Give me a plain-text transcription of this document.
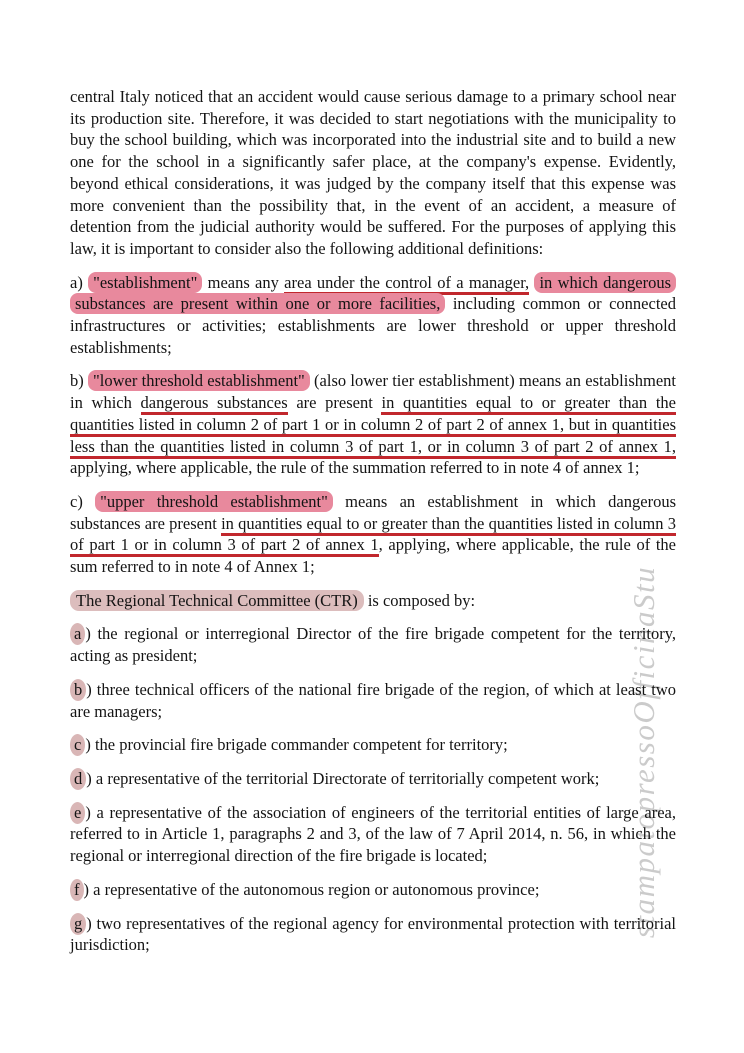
stampatopressoOfficinaStu

central Italy noticed that an accident would cause serious damage to a primary school near its production site. Therefore, it was decided to start negotiations with the municipality to buy the school building, which was incorporated into the industrial site and to build a new one for the school in a significantly safer place, at the company's expense. Evidently, beyond ethical considerations, it was judged by the company itself that this expense was more convenient than the possibility that, in the event of an accident, a measure of detention from the judicial authority would be suffered. For the purposes of applying this law, it is important to consider also the following additional definitions:

a) "establishment" means any area under the control of a manager, in which dangerous substances are present within one or more facilities, including common or connected infrastructures or activities; establishments are lower threshold or upper threshold establishments;

b) "lower threshold establishment" (also lower tier establishment) means an establishment in which dangerous substances are present in quantities equal to or greater than the quantities listed in column 2 of part 1 or in column 2 of part 2 of annex 1, but in quantities less than the quantities listed in column 3 of part 1, or in column 3 of part 2 of annex 1, applying, where applicable, the rule of the summation referred to in note 4 of annex 1;

c) "upper threshold establishment" means an establishment in which dangerous substances are present in quantities equal to or greater than the quantities listed in column 3 of part 1 or in column 3 of part 2 of annex 1, applying, where applicable, the rule of the sum referred to in note 4 of Annex 1;

The Regional Technical Committee (CTR) is composed by:

a ) the regional or interregional Director of the fire brigade competent for the territory, acting as president;

b ) three technical officers of the national fire brigade of the region, of which at least two are managers;

c ) the provincial fire brigade commander competent for territory;

d ) a representative of the territorial Directorate of territorially competent work;

e ) a representative of the association of engineers of the territorial entities of large area, referred to in Article 1, paragraphs 2 and 3, of the law of 7 April 2014, n. 56, in which the regional or interregional direction of the fire brigade is located;

f ) a representative of the autonomous region or autonomous province;

g ) two representatives of the regional agency for environmental protection with territorial jurisdiction;
